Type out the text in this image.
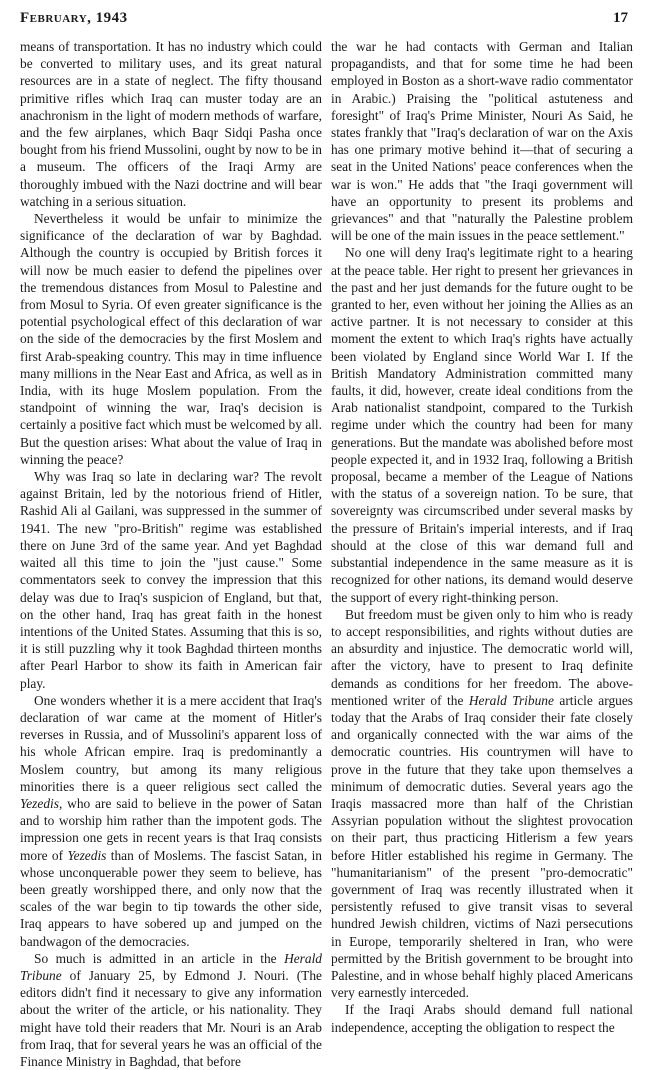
February, 1943	17

means of transportation. It has no industry which could be converted to military uses, and its great natural resources are in a state of neglect. The fifty thousand primitive rifles which Iraq can muster today are an anachronism in the light of modern methods of warfare, and the few airplanes, which Baqr Sidqi Pasha once bought from his friend Mussolini, ought by now to be in a museum. The officers of the Iraqi Army are thoroughly imbued with the Nazi doctrine and will bear watching in a serious situation.

Nevertheless it would be unfair to minimize the significance of the declaration of war by Baghdad. Although the country is occupied by British forces it will now be much easier to defend the pipelines over the tremendous distances from Mosul to Palestine and from Mosul to Syria. Of even greater significance is the potential psychological effect of this declaration of war on the side of the democracies by the first Moslem and first Arab-speaking country. This may in time influence many millions in the Near East and Africa, as well as in India, with its huge Moslem population. From the standpoint of winning the war, Iraq's decision is certainly a positive fact which must be welcomed by all. But the question arises: What about the value of Iraq in winning the peace?

Why was Iraq so late in declaring war? The revolt against Britain, led by the notorious friend of Hitler, Rashid Ali al Gailani, was suppressed in the summer of 1941. The new "pro-British" regime was established there on June 3rd of the same year. And yet Baghdad waited all this time to join the "just cause." Some commentators seek to convey the impression that this delay was due to Iraq's suspicion of England, but that, on the other hand, Iraq has great faith in the honest intentions of the United States. Assuming that this is so, it is still puzzling why it took Baghdad thirteen months after Pearl Harbor to show its faith in American fair play.

One wonders whether it is a mere accident that Iraq's declaration of war came at the moment of Hitler's reverses in Russia, and of Mussolini's apparent loss of his whole African empire. Iraq is predominantly a Moslem country, but among its many religious minorities there is a queer religious sect called the Yezedis, who are said to believe in the power of Satan and to worship him rather than the impotent gods. The impression one gets in recent years is that Iraq consists more of Yezedis than of Moslems. The fascist Satan, in whose unconquerable power they seem to believe, has been greatly worshipped there, and only now that the scales of the war begin to tip towards the other side, Iraq appears to have sobered up and jumped on the bandwagon of the democracies.

So much is admitted in an article in the Herald Tribune of January 25, by Edmond J. Nouri. (The editors didn't find it necessary to give any information about the writer of the article, or his nationality. They might have told their readers that Mr. Nouri is an Arab from Iraq, that for several years he was an official of the Finance Ministry in Baghdad, that before

the war he had contacts with German and Italian propagandists, and that for some time he had been employed in Boston as a short-wave radio commentator in Arabic.) Praising the "political astuteness and foresight" of Iraq's Prime Minister, Nouri As Said, he states frankly that "Iraq's declaration of war on the Axis has one primary motive behind it—that of securing a seat in the United Nations' peace conferences when the war is won." He adds that "the Iraqi government will have an opportunity to present its problems and grievances" and that "naturally the Palestine problem will be one of the main issues in the peace settlement."

No one will deny Iraq's legitimate right to a hearing at the peace table. Her right to present her grievances in the past and her just demands for the future ought to be granted to her, even without her joining the Allies as an active partner. It is not necessary to consider at this moment the extent to which Iraq's rights have actually been violated by England since World War I. If the British Mandatory Administration committed many faults, it did, however, create ideal conditions from the Arab nationalist standpoint, compared to the Turkish regime under which the country had been for many generations. But the mandate was abolished before most people expected it, and in 1932 Iraq, following a British proposal, became a member of the League of Nations with the status of a sovereign nation. To be sure, that sovereignty was circumscribed under several masks by the pressure of Britain's imperial interests, and if Iraq should at the close of this war demand full and substantial independence in the same measure as it is recognized for other nations, its demand would deserve the support of every right-thinking person.

But freedom must be given only to him who is ready to accept responsibilities, and rights without duties are an absurdity and injustice. The democratic world will, after the victory, have to present to Iraq definite demands as conditions for her freedom. The above-mentioned writer of the Herald Tribune article argues today that the Arabs of Iraq consider their fate closely and organically connected with the war aims of the democratic countries. His countrymen will have to prove in the future that they take upon themselves a minimum of democratic duties. Several years ago the Iraqis massacred more than half of the Christian Assyrian population without the slightest provocation on their part, thus practicing Hitlerism a few years before Hitler established his regime in Germany. The "humanitarianism" of the present "pro-democratic" government of Iraq was recently illustrated when it persistently refused to give transit visas to several hundred Jewish children, victims of Nazi persecutions in Europe, temporarily sheltered in Iran, who were permitted by the British government to be brought into Palestine, and in whose behalf highly placed Americans very earnestly interceded.

If the Iraqi Arabs should demand full national independence, accepting the obligation to respect the
